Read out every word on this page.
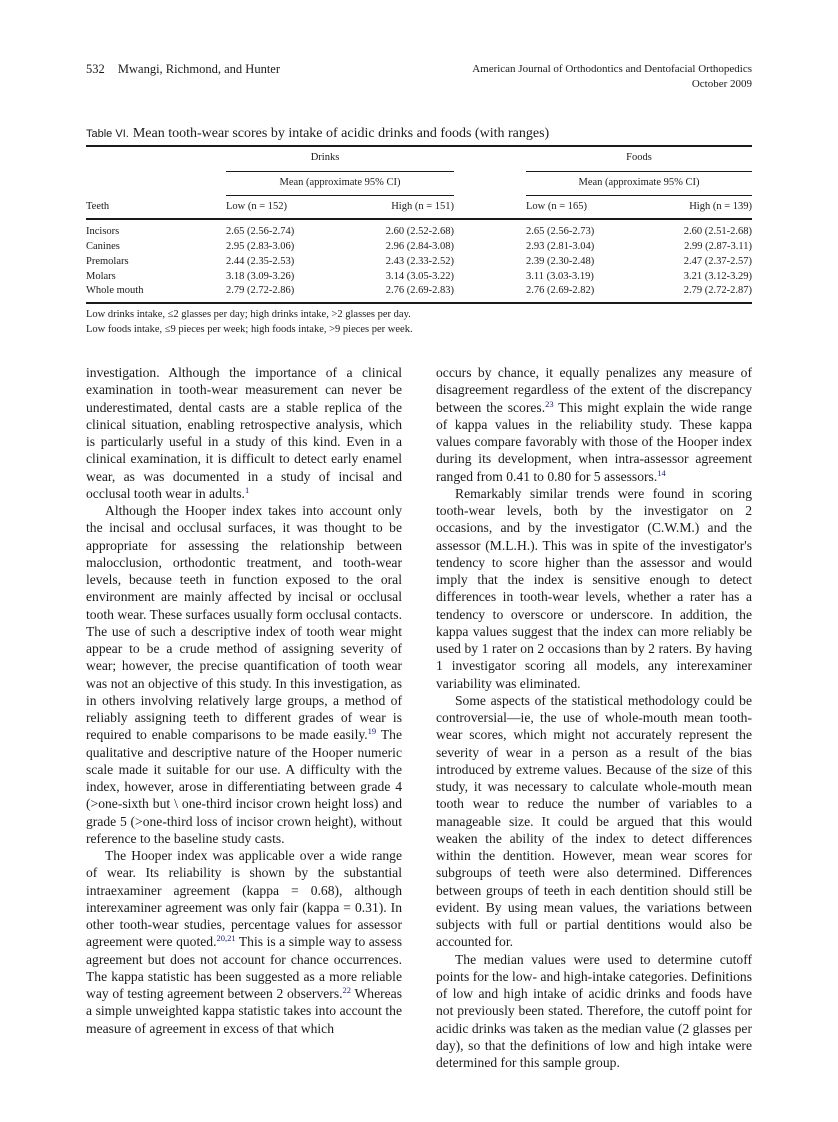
532 Mwangi, Richmond, and Hunter	American Journal of Orthodontics and Dentofacial Orthopedics
October 2009
Table VI. Mean tooth-wear scores by intake of acidic drinks and foods (with ranges)
Drinks	Foods
Mean (approximate 95% CI)	Mean (approximate 95% CI)
Teeth	Low (n = 152)	High (n = 151)	Low (n = 165)	High (n = 139)
Incisors	2.65 (2.56-2.74)	2.60 (2.52-2.68)	2.65 (2.56-2.73)	2.60 (2.51-2.68)
Canines	2.95 (2.83-3.06)	2.96 (2.84-3.08)	2.93 (2.81-3.04)	2.99 (2.87-3.11)
Premolars	2.44 (2.35-2.53)	2.43 (2.33-2.52)	2.39 (2.30-2.48)	2.47 (2.37-2.57)
Molars	3.18 (3.09-3.26)	3.14 (3.05-3.22)	3.11 (3.03-3.19)	3.21 (3.12-3.29)
Whole mouth	2.79 (2.72-2.86)	2.76 (2.69-2.83)	2.76 (2.69-2.82)	2.79 (2.72-2.87)
Low drinks intake, ≤2 glasses per day; high drinks intake, >2 glasses per day.
Low foods intake, ≤9 pieces per week; high foods intake, >9 pieces per week.

investigation. Although the importance of a clinical examination in tooth-wear measurement can never be underestimated, dental casts are a stable replica of the clinical situation, enabling retrospective analysis, which is particularly useful in a study of this kind. Even in a clinical examination, it is difficult to detect early enamel wear, as was documented in a study of incisal and occlusal tooth wear in adults.$^1$

Although the Hooper index takes into account only the incisal and occlusal surfaces, it was thought to be appropriate for assessing the relationship between malocclusion, orthodontic treatment, and tooth-wear levels, because teeth in function exposed to the oral environment are mainly affected by incisal or occlusal tooth wear. These surfaces usually form occlusal contacts. The use of such a descriptive index of tooth wear might appear to be a crude method of assigning severity of wear; however, the precise quantification of tooth wear was not an objective of this study. In this investigation, as in others involving relatively large groups, a method of reliably assigning teeth to different grades of wear is required to enable comparisons to be made easily.$^{19}$ The qualitative and descriptive nature of the Hooper numeric scale made it suitable for our use. A difficulty with the index, however, arose in differentiating between grade 4 (>one-sixth but \ one-third incisor crown height loss) and grade 5 (>one-third loss of incisor crown height), without reference to the baseline study casts.

The Hooper index was applicable over a wide range of wear. Its reliability is shown by the substantial intraexaminer agreement (kappa = 0.68), although interexaminer agreement was only fair (kappa = 0.31). In other tooth-wear studies, percentage values for assessor agreement were quoted.$^{20,21}$ This is a simple way to assess agreement but does not account for chance occurrences. The kappa statistic has been suggested as a more reliable way of testing agreement between 2 observers.$^{22}$ Whereas a simple unweighted kappa statistic takes into account the measure of agreement in excess of that which

occurs by chance, it equally penalizes any measure of disagreement regardless of the extent of the discrepancy between the scores.$^{23}$ This might explain the wide range of kappa values in the reliability study. These kappa values compare favorably with those of the Hooper index during its development, when intra-assessor agreement ranged from 0.41 to 0.80 for 5 assessors.$^{14}$

Remarkably similar trends were found in scoring tooth-wear levels, both by the investigator on 2 occasions, and by the investigator (C.W.M.) and the assessor (M.L.H.). This was in spite of the investigator's tendency to score higher than the assessor and would imply that the index is sensitive enough to detect differences in tooth-wear levels, whether a rater has a tendency to overscore or underscore. In addition, the kappa values suggest that the index can more reliably be used by 1 rater on 2 occasions than by 2 raters. By having 1 investigator scoring all models, any interexaminer variability was eliminated.

Some aspects of the statistical methodology could be controversial—ie, the use of whole-mouth mean tooth-wear scores, which might not accurately represent the severity of wear in a person as a result of the bias introduced by extreme values. Because of the size of this study, it was necessary to calculate whole-mouth mean tooth wear to reduce the number of variables to a manageable size. It could be argued that this would weaken the ability of the index to detect differences within the dentition. However, mean wear scores for subgroups of teeth were also determined. Differences between groups of teeth in each dentition should still be evident. By using mean values, the variations between subjects with full or partial dentitions would also be accounted for.

The median values were used to determine cutoff points for the low- and high-intake categories. Definitions of low and high intake of acidic drinks and foods have not previously been stated. Therefore, the cutoff point for acidic drinks was taken as the median value (2 glasses per day), so that the definitions of low and high intake were determined for this sample group.
